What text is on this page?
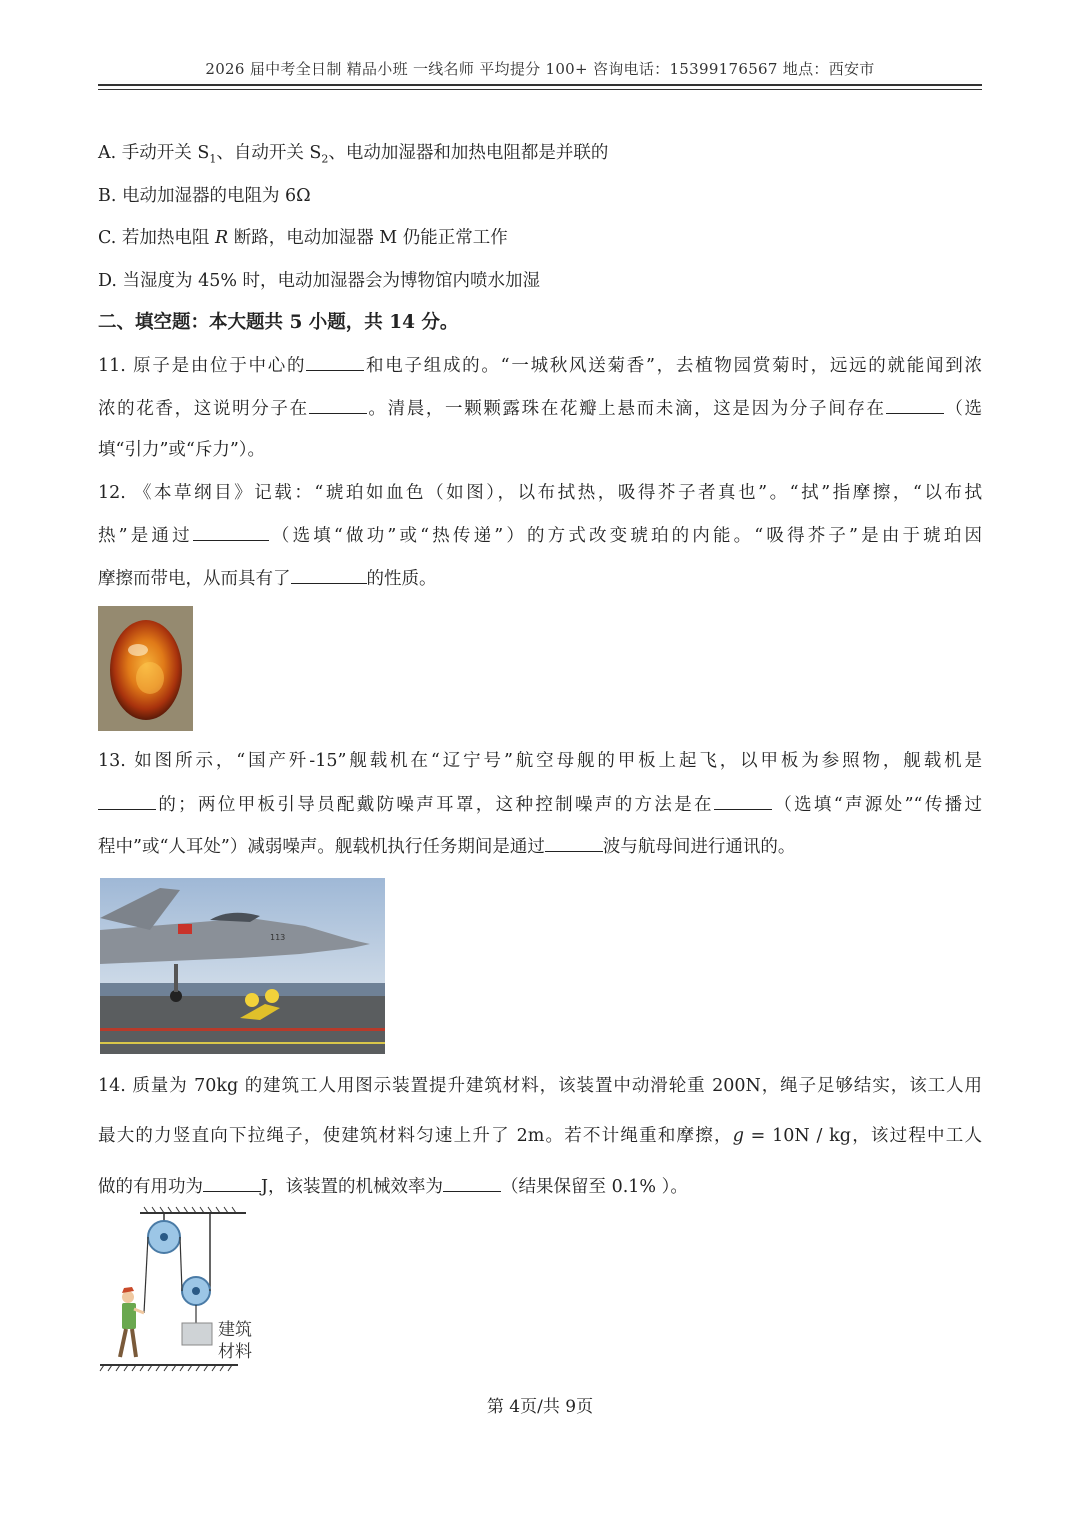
2026 届中考全日制 精品小班 一线名师 平均提分 100+ 咨询电话：15399176567 地点：西安市
A. 手动开关 $S_1$、自动开关 $S_2$、电动加湿器和加热电阻都是并联的
B. 电动加湿器的电阻为 6Ω
C. 若加热电阻 R 断路，电动加湿器 M 仍能正常工作
D. 当湿度为 45% 时，电动加湿器会为博物馆内喷水加湿
二、填空题：本大题共 5 小题，共 14 分。
11. 原子是由位于中心的	和电子组成的。“一城秋风送菊香”，去植物园赏菊时，远远的就能闻到浓
浓的花香，这说明分子在	。清晨，一颗颗露珠在花瓣上悬而未滴，这是因为分子间存在	（选
填“引力”或“斥力”）。
12. 《本草纲目》记载：“琥珀如血色（如图），以布拭热，吸得芥子者真也”。“拭”指摩擦，“以布拭
热”是通过	（选填“做功”或“热传递”）的方式改变琥珀的内能。“吸得芥子”是由于琥珀因
摩擦而带电，从而具有了	的性质。
13. 如图所示，“国产歼-15”舰载机在“辽宁号”航空母舰的甲板上起飞，以甲板为参照物，舰载机是
的；两位甲板引导员配戴防噪声耳罩，这种控制噪声的方法是在	（选填“声源处”“传播过
程中”或“人耳处”）减弱噪声。舰载机执行任务期间是通过	波与航母间进行通讯的。
113
14. 质量为 70kg 的建筑工人用图示装置提升建筑材料，该装置中动滑轮重 200N，绳子足够结实，该工人用
最大的力竖直向下拉绳子，使建筑材料匀速上升了 2m。若不计绳重和摩擦，g = 10N / kg，该过程中工人
做的有用功为	J，该装置的机械效率为	（结果保留至 0.1% ）。
建筑
材料
第 4页/共 9页
